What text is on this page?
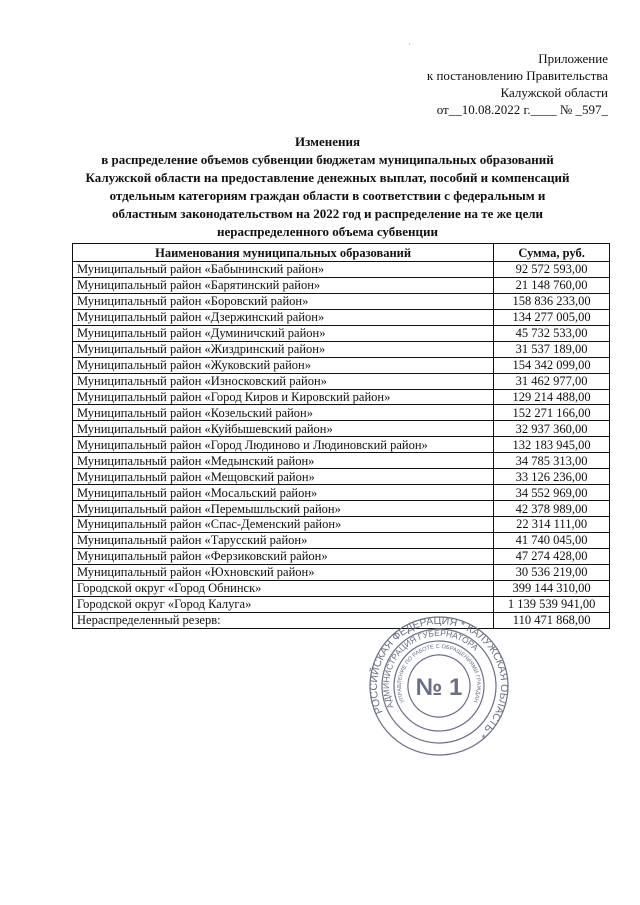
·
Приложение
к постановлению Правительства
Калужской области
от__10.08.2022 г.____ № _597_
Изменения
в распределение объемов субвенции бюджетам муниципальных образований
Калужской области на предоставление денежных выплат, пособий и компенсаций
отдельным категориям граждан области в соответствии с федеральным и
областным законодательством на 2022 год и распределение на те же цели
нераспределенного объема субвенции
Наименования муниципальных образований	Сумма, руб.
Муниципальный район «Бабынинский район»	92 572 593,00
Муниципальный район «Барятинский район»	21 148 760,00
Муниципальный район «Боровский район»	158 836 233,00
Муниципальный район «Дзержинский район»	134 277 005,00
Муниципальный район «Думиничский район»	45 732 533,00
Муниципальный район «Жиздринский район»	31 537 189,00
Муниципальный район «Жуковский район»	154 342 099,00
Муниципальный район «Износковский район»	31 462 977,00
Муниципальный район «Город Киров и Кировский район»	129 214 488,00
Муниципальный район «Козельский район»	152 271 166,00
Муниципальный район «Куйбышевский район»	32 937 360,00
Муниципальный район «Город Людиново и Людиновский район»	132 183 945,00
Муниципальный район «Медынский район»	34 785 313,00
Муниципальный район «Мещовский район»	33 126 236,00
Муниципальный район «Мосальский район»	34 552 969,00
Муниципальный район «Перемышльский район»	42 378 989,00
Муниципальный район «Спас-Деменский район»	22 314 111,00
Муниципальный район «Тарусский район»	41 740 045,00
Муниципальный район «Ферзиковский район»	47 274 428,00
Муниципальный район «Юхновский район»	30 536 219,00
Городской округ «Город Обнинск»	399 144 310,00
Городской округ «Город Калуга»	1 139 539 941,00
Нераспределенный резерв:	110 471 868,00
РОССИЙСКАЯ ФЕДЕРАЦИЯ * КАЛУЖСКАЯ ОБЛАСТЬ *
АДМИНИСТРАЦИЯ ГУБЕРНАТОРА
УПРАВЛЕНИЕ ПО РАБОТЕ С ОБРАЩЕНИЯМИ ГРАЖДАН
№ 1
